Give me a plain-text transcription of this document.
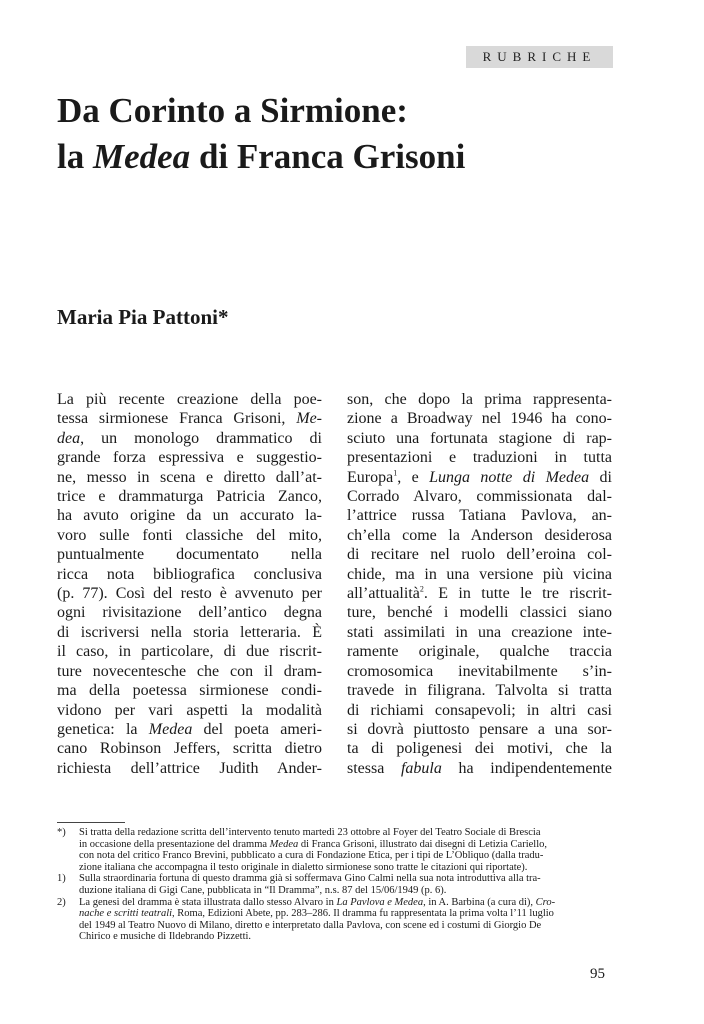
RUBRICHE
Da Corinto a Sirmione:
la Medea di Franca Grisoni
Maria Pia Pattoni*
La più recente creazione della poe-
tessa sirmionese Franca Grisoni, Me-
dea, un monologo drammatico di
grande forza espressiva e suggestio-
ne, messo in scena e diretto dall’at-
trice e drammaturga Patricia Zanco,
ha avuto origine da un accurato la-
voro sulle fonti classiche del mito,
puntualmente documentato nella
ricca nota bibliografica conclusiva
(p. 77). Così del resto è avvenuto per
ogni rivisitazione dell’antico degna
di iscriversi nella storia letteraria. È
il caso, in particolare, di due riscrit-
ture novecentesche che con il dram-
ma della poetessa sirmionese condi-
vidono per vari aspetti la modalità
genetica: la Medea del poeta ameri-
cano Robinson Jeffers, scritta dietro
richiesta dell’attrice Judith Ander-
son, che dopo la prima rappresenta-
zione a Broadway nel 1946 ha cono-
sciuto una fortunata stagione di rap-
presentazioni e traduzioni in tutta
Europa$^1$, e Lunga notte di Medea di
Corrado Alvaro, commissionata dal-
l’attrice russa Tatiana Pavlova, an-
ch’ella come la Anderson desiderosa
di recitare nel ruolo dell’eroina col-
chide, ma in una versione più vicina
all’attualità$^2$. E in tutte le tre riscrit-
ture, benché i modelli classici siano
stati assimilati in una creazione inte-
ramente originale, qualche traccia
cromosomica inevitabilmente s’in-
travede in filigrana. Talvolta si tratta
di richiami consapevoli; in altri casi
si dovrà piuttosto pensare a una sor-
ta di poligenesi dei motivi, che la
stessa fabula ha indipendentemente
*)	Si tratta della redazione scritta dell’intervento tenuto martedì 23 ottobre al Foyer del Teatro Sociale di Brescia
in occasione della presentazione del dramma Medea di Franca Grisoni, illustrato dai disegni di Letizia Cariello,
con nota del critico Franco Brevini, pubblicato a cura di Fondazione Etica, per i tipi de L’Obliquo (dalla tradu-
zione italiana che accompagna il testo originale in dialetto sirmionese sono tratte le citazioni qui riportate).
1)	Sulla straordinaria fortuna di questo dramma già si soffermava Gino Calmi nella sua nota introduttiva alla tra-
duzione italiana di Gigi Cane, pubblicata in “Il Dramma”, n.s. 87 del 15/06/1949 (p. 6).
2)	La genesi del dramma è stata illustrata dallo stesso Alvaro in La Pavlova e Medea, in A. Barbina (a cura di), Cro-
nache e scritti teatrali, Roma, Edizioni Abete, pp. 283–286. Il dramma fu rappresentata la prima volta l’11 luglio
del 1949 al Teatro Nuovo di Milano, diretto e interpretato dalla Pavlova, con scene ed i costumi di Giorgio De
Chirico e musiche di Ildebrando Pizzetti.
95
